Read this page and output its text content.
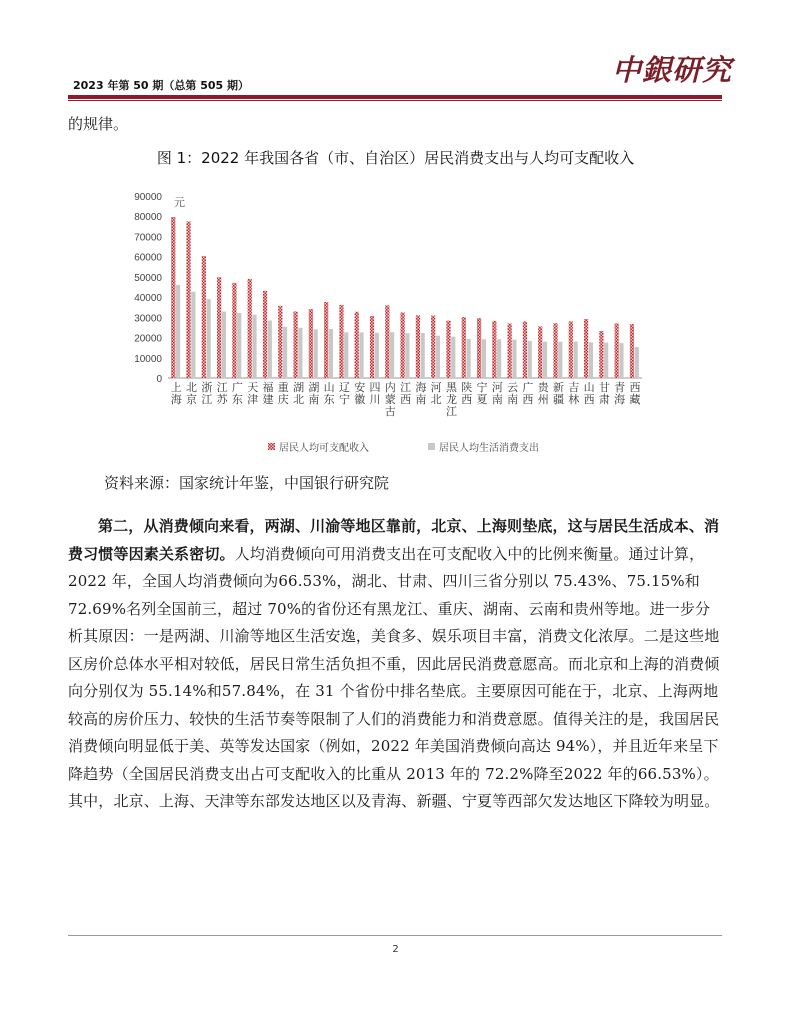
2023 年第 50 期（总第 505 期）	中銀研究
的规律。
图 1：2022 年我国各省（市、自治区）居民消费支出与人均可支配收入
0
10000
20000
30000
40000
50000
60000
70000
80000
90000 元
上海
北京
浙江
江苏
广东
天津
福建
重庆
湖北
湖南
山东
辽宁
安徽
四川
内蒙古
江西
海南
河北
黑龙江
陕西
宁夏
河南
云南
广西
贵州
新疆
吉林
山西
甘肃
青海
西藏
居民人均可支配收入	居民人均生活消费支出
资料来源：国家统计年鉴，中国银行研究院
第二，从消费倾向来看，两湖、川渝等地区靠前，北京、上海则垫底，这与居民生活成本、消费习惯等因素关系密切。人均消费倾向可用消费支出在可支配收入中的比例来衡量。通过计算，2022 年，全国人均消费倾向为66.53%，湖北、甘肃、四川三省分别以 75.43%、75.15%和 72.69%名列全国前三，超过 70%的省份还有黑龙江、重庆、湖南、云南和贵州等地。进一步分析其原因：一是两湖、川渝等地区生活安逸，美食多、娱乐项目丰富，消费文化浓厚。二是这些地区房价总体水平相对较低，居民日常生活负担不重，因此居民消费意愿高。而北京和上海的消费倾向分别仅为 55.14%和57.84%，在 31 个省份中排名垫底。主要原因可能在于，北京、上海两地较高的房价压力、较快的生活节奏等限制了人们的消费能力和消费意愿。值得关注的是，我国居民消费倾向明显低于美、英等发达国家（例如，2022 年美国消费倾向高达 94%），并且近年来呈下降趋势（全国居民消费支出占可支配收入的比重从 2013 年的 72.2%降至2022 年的66.53%）。其中，北京、上海、天津等东部发达地区以及青海、新疆、宁夏等西部欠发达地区下降较为明显。
2
